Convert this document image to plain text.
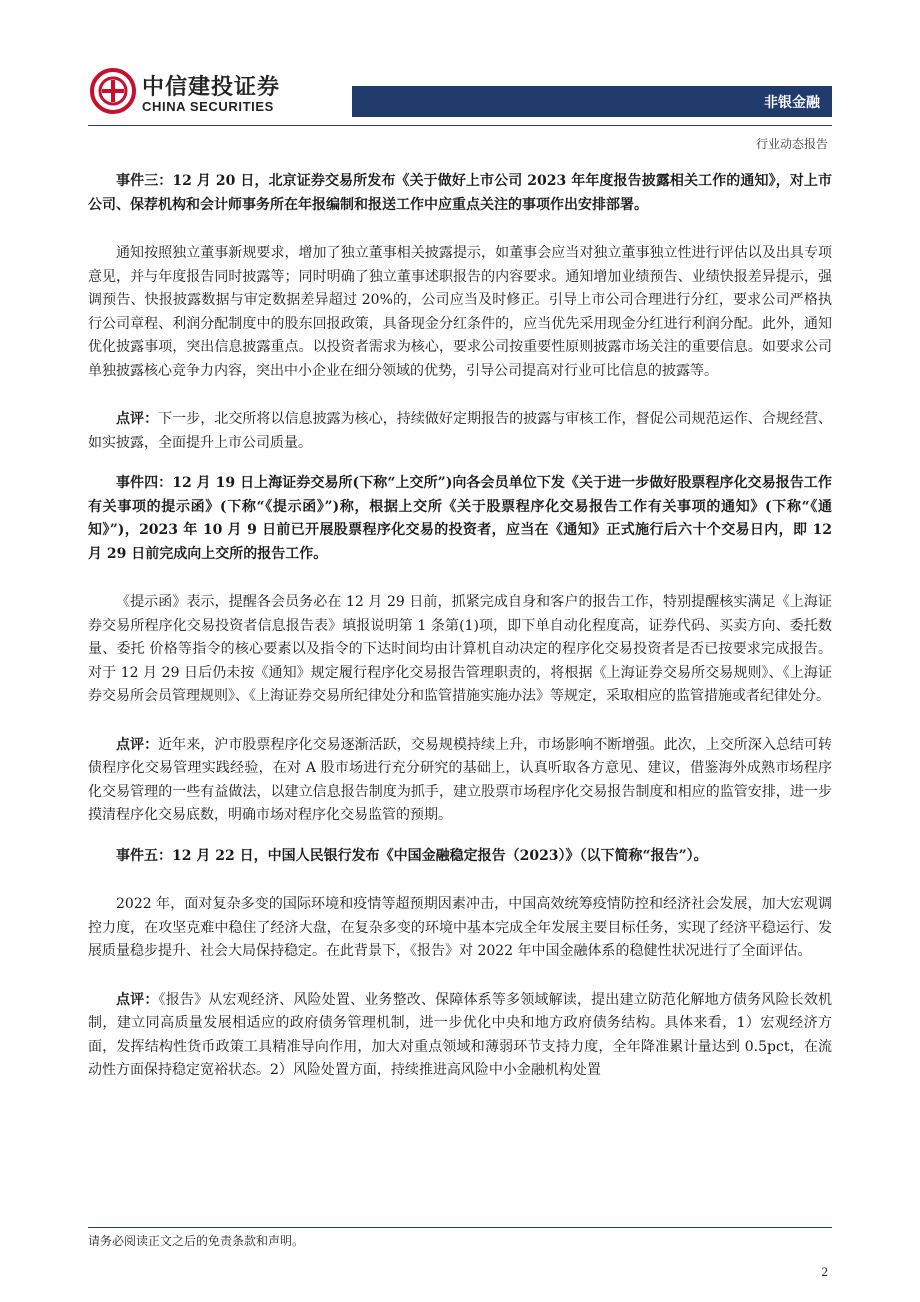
中信建投证券
CHINA SECURITIES	非银金融
行业动态报告

事件三：12 月 20 日，北京证券交易所发布《关于做好上市公司 2023 年年度报告披露相关工作的通知》，对上市公司、保荐机构和会计师事务所在年报编制和报送工作中应重点关注的事项作出安排部署。

通知按照独立董事新规要求，增加了独立董事相关披露提示，如董事会应当对独立董事独立性进行评估以及出具专项意见，并与年度报告同时披露等；同时明确了独立董事述职报告的内容要求。通知增加业绩预告、业绩快报差异提示，强调预告、快报披露数据与审定数据差异超过 20%的，公司应当及时修正。引导上市公司合理进行分红，要求公司严格执行公司章程、利润分配制度中的股东回报政策，具备现金分红条件的，应当优先采用现金分红进行利润分配。此外，通知优化披露事项，突出信息披露重点。以投资者需求为核心，要求公司按重要性原则披露市场关注的重要信息。如要求公司单独披露核心竞争力内容，突出中小企业在细分领域的优势，引导公司提高对行业可比信息的披露等。

点评：下一步，北交所将以信息披露为核心，持续做好定期报告的披露与审核工作，督促公司规范运作、合规经营、如实披露，全面提升上市公司质量。

事件四：12 月 19 日上海证券交易所(下称“上交所”)向各会员单位下发《关于进一步做好股票程序化交易报告工作有关事项的提示函》(下称“《提示函》”)称，根据上交所《关于股票程序化交易报告工作有关事项的通知》(下称“《通知》”)，2023 年 10 月 9 日前已开展股票程序化交易的投资者，应当在《通知》正式施行后六十个交易日内，即 12 月 29 日前完成向上交所的报告工作。

《提示函》表示，提醒各会员务必在 12 月 29 日前，抓紧完成自身和客户的报告工作，特别提醒核实满足《上海证券交易所程序化交易投资者信息报告表》填报说明第 1 条第(1)项，即下单自动化程度高，证券代码、买卖方向、委托数量、委托 价格等指令的核心要素以及指令的下达时间均由计算机自动决定的程序化交易投资者是否已按要求完成报告。对于 12 月 29 日后仍未按《通知》规定履行程序化交易报告管理职责的，将根据《上海证券交易所交易规则》、《上海证券交易所会员管理规则》、《上海证券交易所纪律处分和监管措施实施办法》等规定，采取相应的监管措施或者纪律处分。

点评：近年来，沪市股票程序化交易逐渐活跃，交易规模持续上升，市场影响不断增强。此次，上交所深入总结可转债程序化交易管理实践经验，在对 A 股市场进行充分研究的基础上，认真听取各方意见、建议，借鉴海外成熟市场程序化交易管理的一些有益做法，以建立信息报告制度为抓手，建立股票市场程序化交易报告制度和相应的监管安排，进一步摸清程序化交易底数，明确市场对程序化交易监管的预期。

事件五：12 月 22 日，中国人民银行发布《中国金融稳定报告（2023）》（以下简称“报告”）。

2022 年，面对复杂多变的国际环境和疫情等超预期因素冲击，中国高效统筹疫情防控和经济社会发展，加大宏观调控力度，在攻坚克难中稳住了经济大盘，在复杂多变的环境中基本完成全年发展主要目标任务，实现了经济平稳运行、发展质量稳步提升、社会大局保持稳定。在此背景下，《报告》对 2022 年中国金融体系的稳健性状况进行了全面评估。

点评：《报告》从宏观经济、风险处置、业务整改、保障体系等多领域解读，提出建立防范化解地方债务风险长效机制，建立同高质量发展相适应的政府债务管理机制，进一步优化中央和地方政府债务结构。具体来看，1）宏观经济方面，发挥结构性货币政策工具精准导向作用，加大对重点领域和薄弱环节支持力度，全年降准累计量达到 0.5pct，在流动性方面保持稳定宽裕状态。2）风险处置方面，持续推进高风险中小金融机构处置

请务必阅读正文之后的免责条款和声明。
2
